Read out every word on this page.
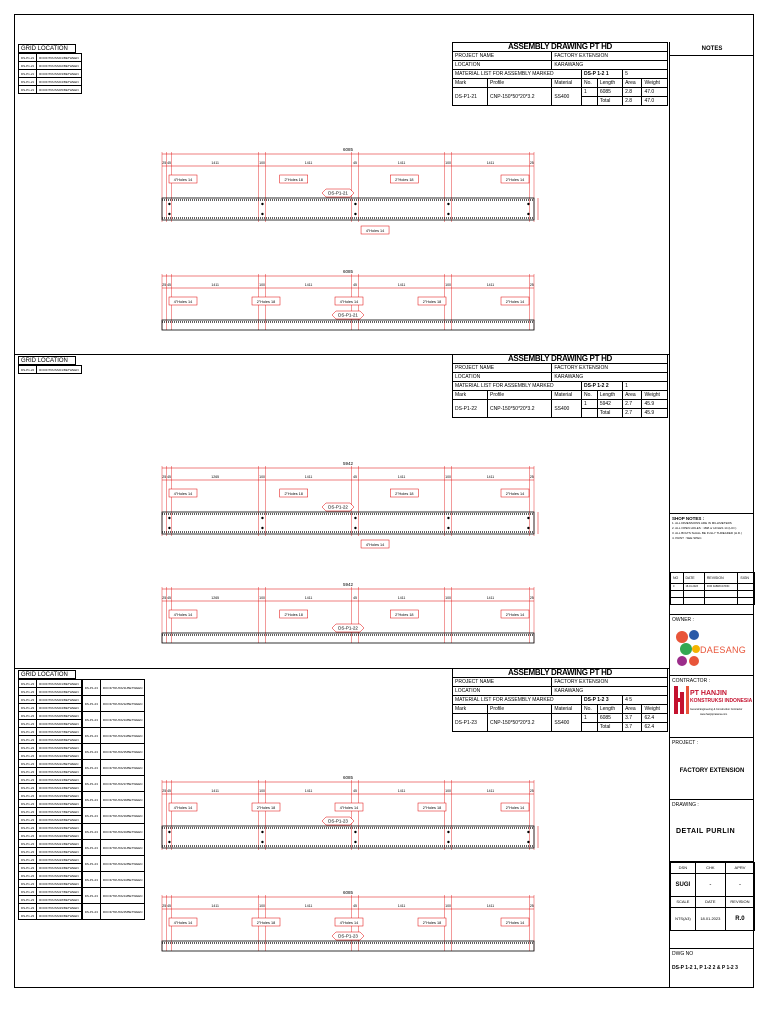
GRID LOCATION
DS-P1-21	ROOF/TRUSS/01/BETWEEN
DS-P1-21	ROOF/TRUSS/02/BETWEEN
DS-P1-21	ROOF/TRUSS/03/BETWEEN
DS-P1-21	ROOF/TRUSS/04/BETWEEN
DS-P1-21	ROOF/TRUSS/05/BETWEEN
ASSEMBLY DRAWING PT HD						
PROJECT NAME		FACTORY EXTENSION				
LOCATION		KARAWANG				
MATERIAL LIST FOR ASSEMBLY MARKED			DS-P 1-2 1		5	
Mark	Profile	Material	No.	Length	Area	Weight
DS-P1-21	CNP-150*50*20*3.2	SS400	1	6085	2.8	47.0
				Total	2.8	47.0
GRID LOCATION
DS-P1-22	ROOF/TRUSS/01/BETWEEN
ASSEMBLY DRAWING PT HD						
PROJECT NAME		FACTORY EXTENSION				
LOCATION		KARAWANG				
MATERIAL LIST FOR ASSEMBLY MARKED			DS-P 1-2 2		1	
Mark	Profile	Material	No.	Length	Area	Weight
DS-P1-22	CNP-150*50*20*3.2	SS400	1	5942	2.7	45.9
				Total	2.7	45.9
GRID LOCATION
DS-P1-23	ROOF/TRUSS/01/BETWEEN
DS-P1-23	ROOF/TRUSS/02/BETWEEN
DS-P1-23	ROOF/TRUSS/03/BETWEEN
DS-P1-23	ROOF/TRUSS/04/BETWEEN
DS-P1-23	ROOF/TRUSS/05/BETWEEN
DS-P1-23	ROOF/TRUSS/06/BETWEEN
DS-P1-23	ROOF/TRUSS/07/BETWEEN
DS-P1-23	ROOF/TRUSS/08/BETWEEN
DS-P1-23	ROOF/TRUSS/09/BETWEEN
DS-P1-23	ROOF/TRUSS/10/BETWEEN
DS-P1-23	ROOF/TRUSS/11/BETWEEN
DS-P1-23	ROOF/TRUSS/12/BETWEEN
DS-P1-23	ROOF/TRUSS/13/BETWEEN
DS-P1-23	ROOF/TRUSS/14/BETWEEN
DS-P1-23	ROOF/TRUSS/15/BETWEEN
DS-P1-23	ROOF/TRUSS/16/BETWEEN
DS-P1-23	ROOF/TRUSS/17/BETWEEN
DS-P1-23	ROOF/TRUSS/18/BETWEEN
DS-P1-23	ROOF/TRUSS/19/BETWEEN
DS-P1-23	ROOF/TRUSS/20/BETWEEN
DS-P1-23	ROOF/TRUSS/21/BETWEEN
DS-P1-23	ROOF/TRUSS/22/BETWEEN
DS-P1-23	ROOF/TRUSS/23/BETWEEN
DS-P1-23	ROOF/TRUSS/24/BETWEEN
DS-P1-23	ROOF/TRUSS/25/BETWEEN
DS-P1-23	ROOF/TRUSS/26/BETWEEN
DS-P1-23	ROOF/TRUSS/27/BETWEEN
DS-P1-23	ROOF/TRUSS/28/BETWEEN
DS-P1-23	ROOF/TRUSS/29/BETWEEN
DS-P1-23	ROOF/TRUSS/30/BETWEEN
DS-P1-23	ROOF/TRUSS/31/BETWEEN
DS-P1-23	ROOF/TRUSS/32/BETWEEN
DS-P1-23	ROOF/TRUSS/33/BETWEEN
DS-P1-23	ROOF/TRUSS/34/BETWEEN
DS-P1-23	ROOF/TRUSS/35/BETWEEN
DS-P1-23	ROOF/TRUSS/36/BETWEEN
DS-P1-23	ROOF/TRUSS/37/BETWEEN
DS-P1-23	ROOF/TRUSS/38/BETWEEN
DS-P1-23	ROOF/TRUSS/39/BETWEEN
DS-P1-23	ROOF/TRUSS/40/BETWEEN
DS-P1-23	ROOF/TRUSS/41/BETWEEN
DS-P1-23	ROOF/TRUSS/42/BETWEEN
DS-P1-23	ROOF/TRUSS/43/BETWEEN
DS-P1-23	ROOF/TRUSS/44/BETWEEN
DS-P1-23	ROOF/TRUSS/45/BETWEEN
ASSEMBLY DRAWING PT HD						
PROJECT NAME		FACTORY EXTENSION				
LOCATION		KARAWANG				
MATERIAL LIST FOR ASSEMBLY MARKED			DS-P 1-2 3		4 5	
Mark	Profile	Material	No.	Length	Area	Weight
DS-P1-23	CNP-150*50*20*3.2	SS400	1	6085	3.7	62.4
				Total	3.7	62.4
6085
25 45	1411	100	1411	45	1411	100	1411	25
4"Holes 14	2"Holes 18	2"Holes 18	2"Holes 14
DS-P1-21
6085
25 45	1411	100	1411	45	1411	100	1411	25
4"Holes 14	2"Holes 18	4"Holes 14	2"Holes 18	2"Holes 14
DS-P1-21
4"Holes 14
5942
25 45	1265	100	1411	45	1411	100	1411	25
4"Holes 14	2"Holes 18	2"Holes 18	2"Holes 14
DS-P1-22
5942
25 45	1265	100	1411	45	1411	100	1411	25
4"Holes 14	2"Holes 18	2"Holes 18	2"Holes 14
DS-P1-22
4"Holes 14
6085
25 45	1411	100	1411	45	1411	100	1411	25
4"Holes 14	2"Holes 18	4"Holes 14	2"Holes 18	2"Holes 14
DS-P1-23
6085
25 45	1411	100	1411	45	1411	100	1411	25
4"Holes 14	2"Holes 18	4"Holes 14	2"Holes 18	2"Holes 14
DS-P1-23
NOTES
SHOP NOTES :
1. ALL DIMENSIONS ARE IN MILLIMETERS
2. ALL OPEN HOLES : 18Ø or HOLES 14 (H.D.)
3. ALL BOLTS SHALL BE FULLY THREADED (H.D.)
4. PAINT : SEE SPEC.
NO	DATE	REVISION	SIGN
0	18.01.2023	FOR FABRICATION	

OWNER :
DAESANG
CONTRACTOR :
PT HANJIN
KONSTRUKSI INDONESIA
General Engineering & Construction Contractor
www.hanjinpratama.com
PROJECT :
FACTORY EXTENSION
DRAWING :
DETAIL PURLIN
DSN	CHK	APRV
SUGI	-	-
SCALE	DATE	REVISION
NTS(A3)	18.01.2023	R.0
DWG NO
DS-P 1-2 1, P 1-2 2 & P 1-2 3
